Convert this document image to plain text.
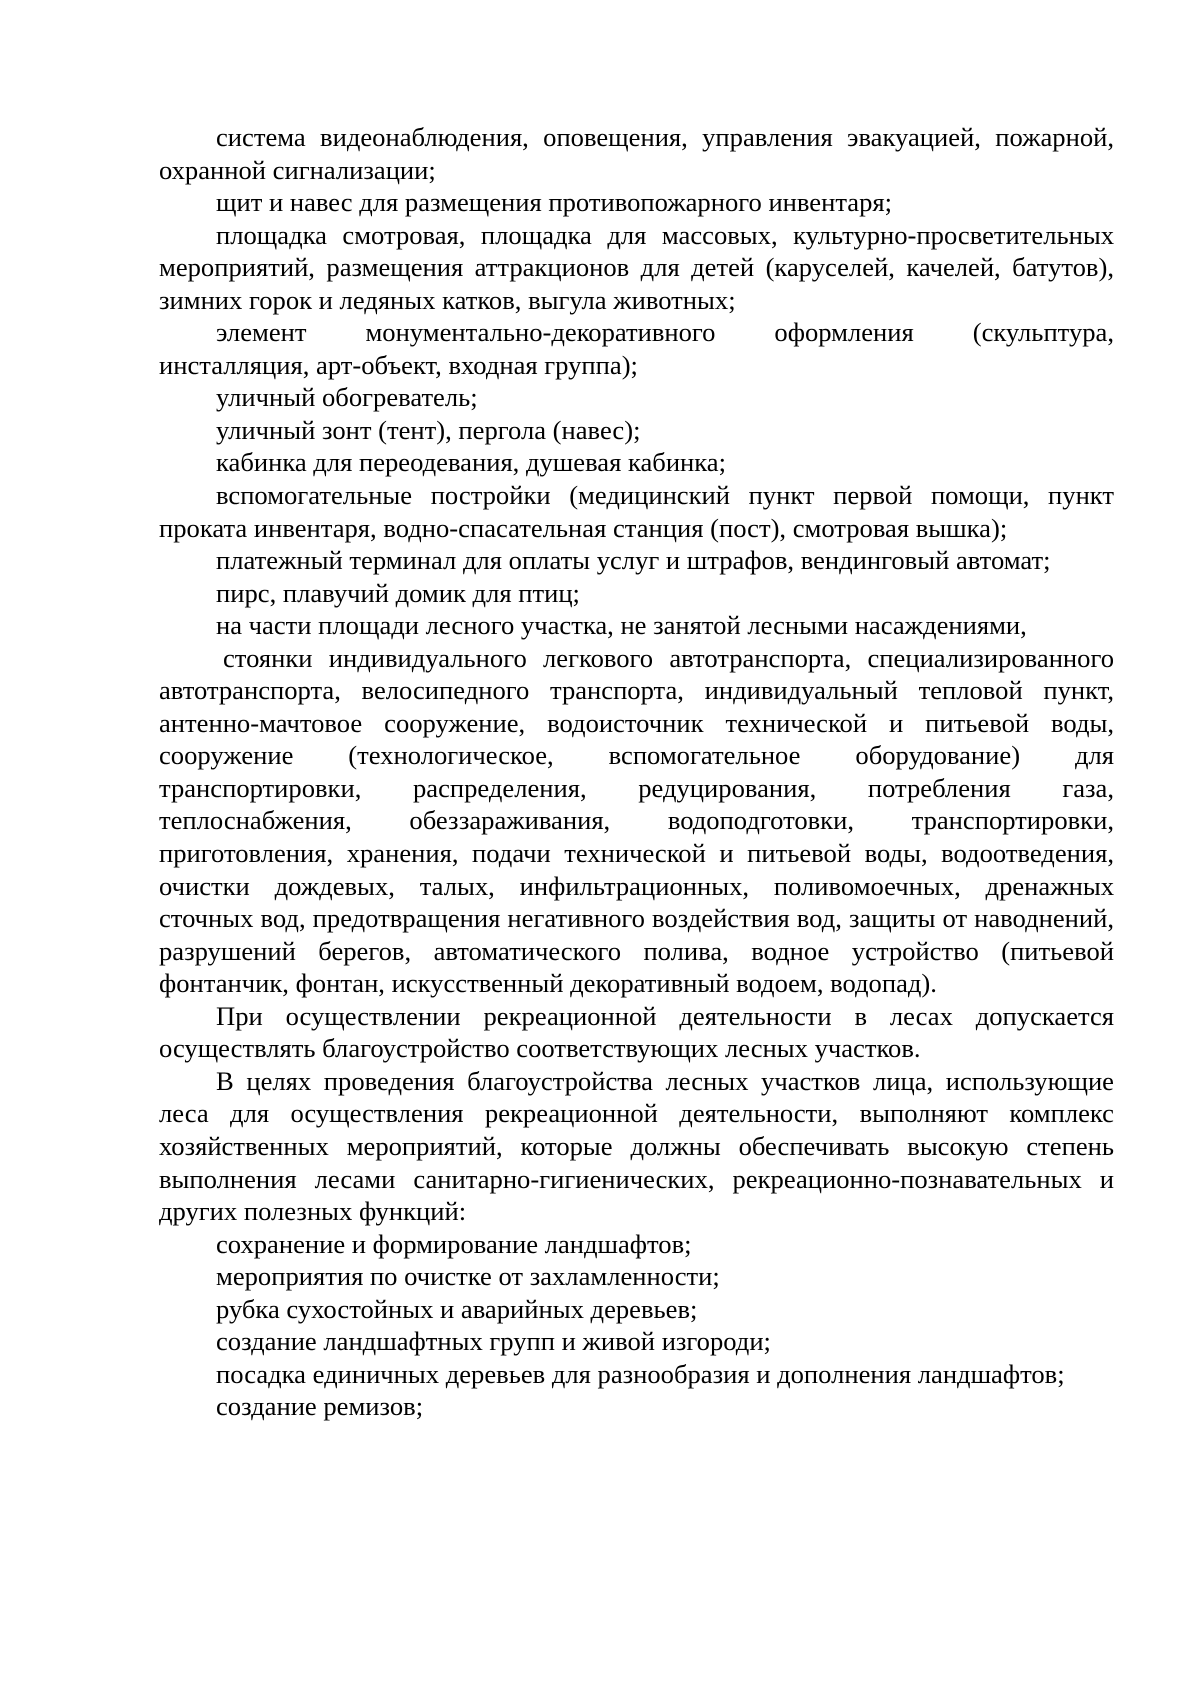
система видеонаблюдения, оповещения, управления эвакуацией, пожарной, охранной сигнализации;

щит и навес для размещения противопожарного инвентаря;

площадка смотровая, площадка для массовых, культурно-просветительных мероприятий, размещения аттракционов для детей (каруселей, качелей, батутов), зимних горок и ледяных катков, выгула животных;

элемент монументально-декоративного оформления (скульптура, инсталляция, арт-объект, входная группа);

уличный обогреватель;

уличный зонт (тент), пергола (навес);

кабинка для переодевания, душевая кабинка;

вспомогательные постройки (медицинский пункт первой помощи, пункт проката инвентаря, водно-спасательная станция (пост), смотровая вышка);

платежный терминал для оплаты услуг и штрафов, вендинговый автомат;

пирс, плавучий домик для птиц;

на части площади лесного участка, не занятой лесными насаждениями,

стоянки индивидуального легкового автотранспорта, специализированного автотранспорта, велосипедного транспорта, индивидуальный тепловой пункт, антенно-мачтовое сооружение, водоисточник технической и питьевой воды, сооружение (технологическое, вспомогательное оборудование) для транспортировки, распределения, редуцирования, потребления газа, теплоснабжения, обеззараживания, водоподготовки, транспортировки, приготовления, хранения, подачи технической и питьевой воды, водоотведения, очистки дождевых, талых, инфильтрационных, поливомоечных, дренажных сточных вод, предотвращения негативного воздействия вод, защиты от наводнений, разрушений берегов, автоматического полива, водное устройство (питьевой фонтанчик, фонтан, искусственный декоративный водоем, водопад).

При осуществлении рекреационной деятельности в лесах допускается осуществлять благоустройство соответствующих лесных участков.

В целях проведения благоустройства лесных участков лица, использующие леса для осуществления рекреационной деятельности, выполняют комплекс хозяйственных мероприятий, которые должны обеспечивать высокую степень выполнения лесами санитарно-гигиенических, рекреационно-познавательных и других полезных функций:

сохранение и формирование ландшафтов;

мероприятия по очистке от захламленности;

рубка сухостойных и аварийных деревьев;

создание ландшафтных групп и живой изгороди;

посадка единичных деревьев для разнообразия и дополнения ландшафтов;

создание ремизов;
